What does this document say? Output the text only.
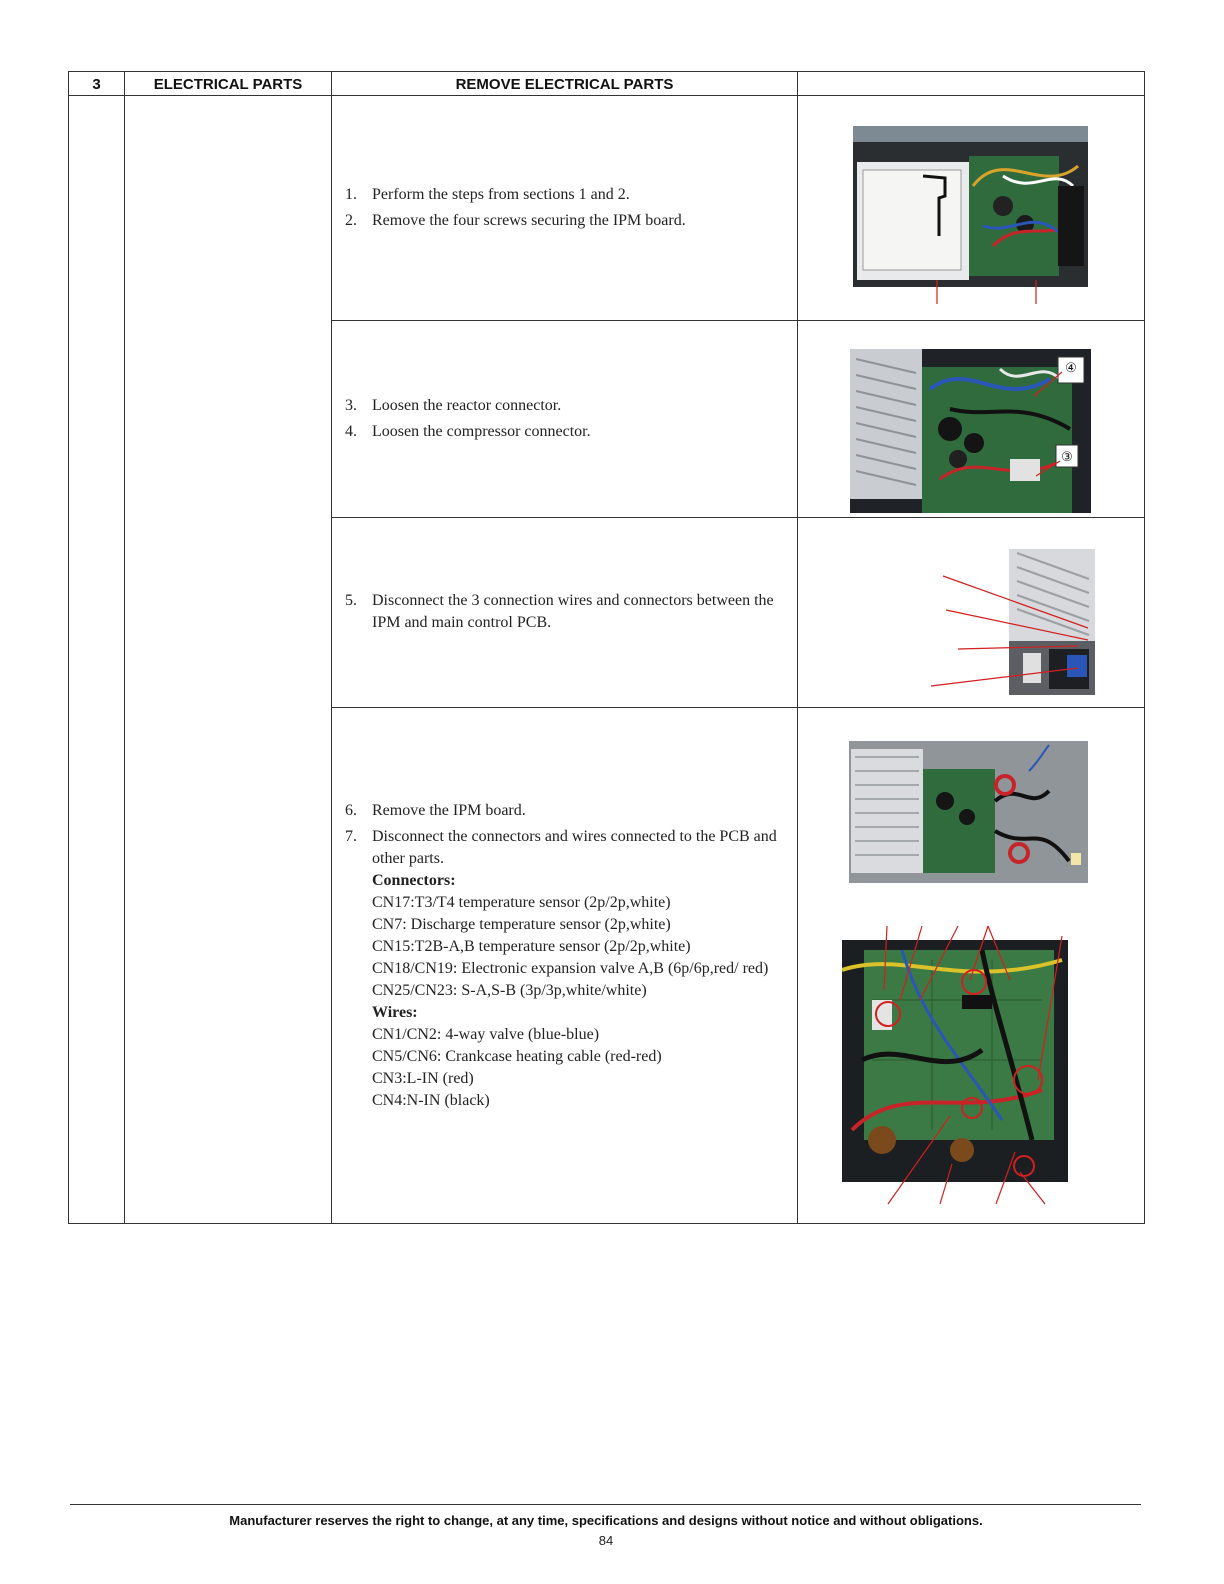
3	ELECTRICAL PARTS	REMOVE ELECTRICAL PARTS
1. Perform the steps from sections 1 and 2.
2. Remove the four screws securing the IPM board.
3. Loosen the reactor connector.
4. Loosen the compressor connector.
④
③
5. Disconnect the 3 connection wires and connectors between the IPM and main control PCB.
6. Remove the IPM board.
7. Disconnect the connectors and wires connected to the PCB and other parts.
Connectors:
CN17:T3/T4 temperature sensor (2p/2p,white)
CN7: Discharge temperature sensor (2p,white)
CN15:T2B-A,B temperature sensor (2p/2p,white)
CN18/CN19: Electronic expansion valve A,B (6p/6p,red/ red)
CN25/CN23: S-A,S-B (3p/3p,white/white)
Wires:
CN1/CN2: 4-way valve (blue-blue)
CN5/CN6: Crankcase heating cable (red-red)
CN3:L-IN (red)
CN4:N-IN (black)
Manufacturer reserves the right to change, at any time, specifications and designs without notice and without obligations.
84
